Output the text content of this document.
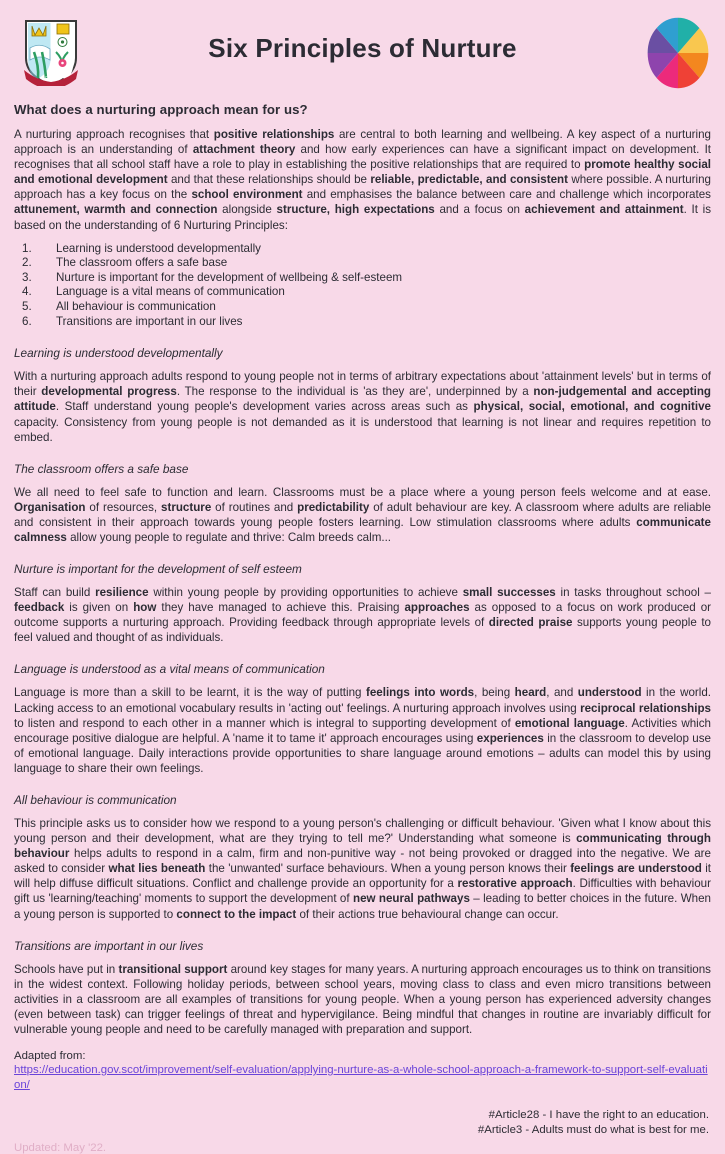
SCHOOL
Six Principles of Nurture
What does a nurturing approach mean for us?

A nurturing approach recognises that positive relationships are central to both learning and wellbeing. A key aspect of a nurturing approach is an understanding of attachment theory and how early experiences can have a significant impact on development. It recognises that all school staff have a role to play in establishing the positive relationships that are required to promote healthy social and emotional development and that these relationships should be reliable, predictable, and consistent where possible. A nurturing approach has a key focus on the school environment and emphasises the balance between care and challenge which incorporates attunement, warmth and connection alongside structure, high expectations and a focus on achievement and attainment. It is based on the understanding of 6 Nurturing Principles:

1.	Learning is understood developmentally
2.	The classroom offers a safe base
3.	Nurture is important for the development of wellbeing & self-esteem
4.	Language is a vital means of communication
5.	All behaviour is communication
6.	Transitions are important in our lives
Learning is understood developmentally

With a nurturing approach adults respond to young people not in terms of arbitrary expectations about 'attainment levels' but in terms of their developmental progress. The response to the individual is 'as they are', underpinned by a non-judgemental and accepting attitude. Staff understand young people's development varies across areas such as physical, social, emotional, and cognitive capacity. Consistency from young people is not demanded as it is understood that learning is not linear and requires repetition to embed.

The classroom offers a safe base

We all need to feel safe to function and learn. Classrooms must be a place where a young person feels welcome and at ease. Organisation of resources, structure of routines and predictability of adult behaviour are key. A classroom where adults are reliable and consistent in their approach towards young people fosters learning. Low stimulation classrooms where adults communicate calmness allow young people to regulate and thrive: Calm breeds calm...

Nurture is important for the development of self esteem

Staff can build resilience within young people by providing opportunities to achieve small successes in tasks throughout school – feedback is given on how they have managed to achieve this. Praising approaches as opposed to a focus on work produced or outcome supports a nurturing approach. Providing feedback through appropriate levels of directed praise supports young people to feel valued and thought of as individuals.

Language is understood as a vital means of communication

Language is more than a skill to be learnt, it is the way of putting feelings into words, being heard, and understood in the world. Lacking access to an emotional vocabulary results in 'acting out' feelings. A nurturing approach involves using reciprocal relationships to listen and respond to each other in a manner which is integral to supporting development of emotional language. Activities which encourage positive dialogue are helpful. A 'name it to tame it' approach encourages using experiences in the classroom to develop use of emotional language. Daily interactions provide opportunities to share language around emotions – adults can model this by using language to share their own feelings.

All behaviour is communication

This principle asks us to consider how we respond to a young person's challenging or difficult behaviour. 'Given what I know about this young person and their development, what are they trying to tell me?' Understanding what someone is communicating through behaviour helps adults to respond in a calm, firm and non-punitive way - not being provoked or dragged into the negative. We are asked to consider what lies beneath the 'unwanted' surface behaviours. When a young person knows their feelings are understood it will help diffuse difficult situations. Conflict and challenge provide an opportunity for a restorative approach. Difficulties with behaviour gift us 'learning/teaching' moments to support the development of new neural pathways – leading to better choices in the future. When a young person is supported to connect to the impact of their actions true behavioural change can occur.

Transitions are important in our lives

Schools have put in transitional support around key stages for many years. A nurturing approach encourages us to think on transitions in the widest context. Following holiday periods, between school years, moving class to class and even micro transitions between activities in a classroom are all examples of transitions for young people. When a young person has experienced adversity changes (even between task) can trigger feelings of threat and hypervigilance. Being mindful that changes in routine are invariably difficult for vulnerable young people and need to be carefully managed with preparation and support.

Adapted from:
https://education.gov.scot/improvement/self-evaluation/applying-nurture-as-a-whole-school-approach-a-framework-to-support-self-evaluation/
#Article28 - I have the right to an education.
#Article3 - Adults must do what is best for me.
Updated: May '22.
